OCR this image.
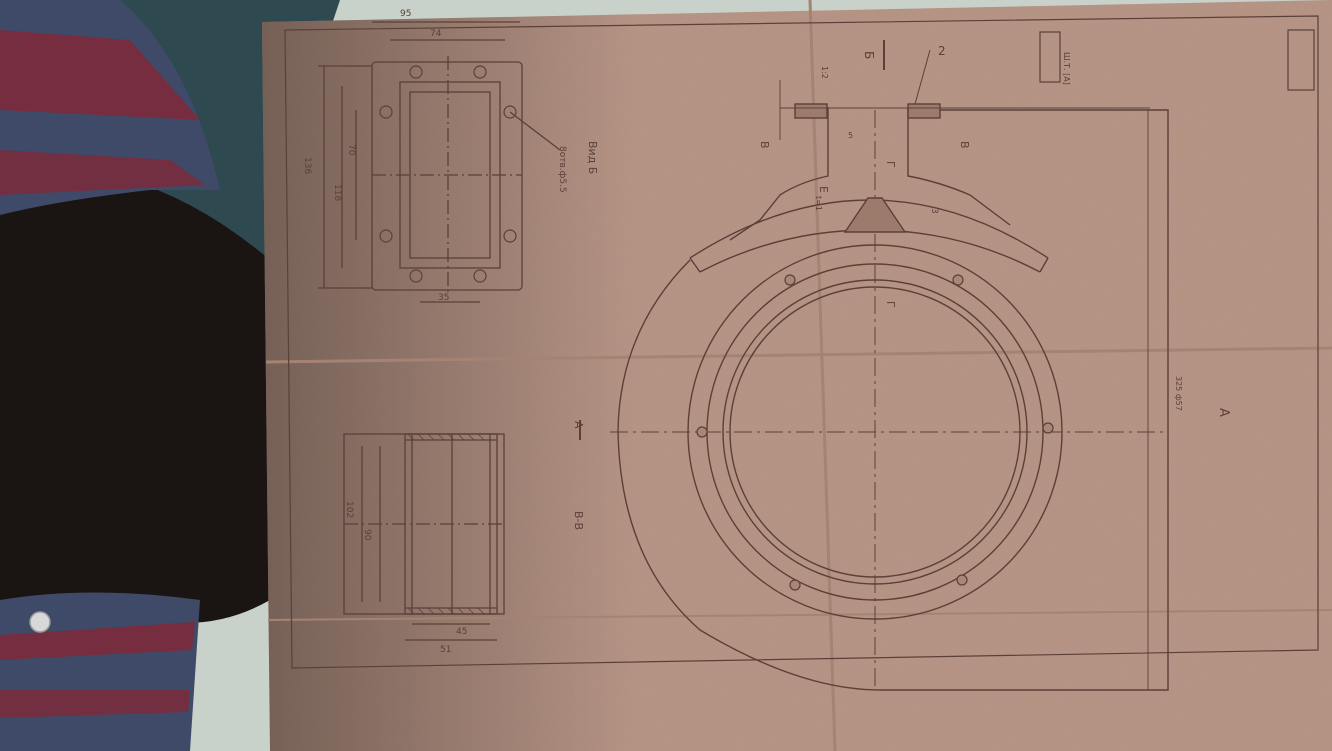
95
74
136
118
70
35
8отв.ф5.5 Вид Б
102
90
45
51
В-В
А
2
Б
В	В
Г
Г
Е
А
Ш.Т. [А]
1:2
3
5
t=1
325 ф57
